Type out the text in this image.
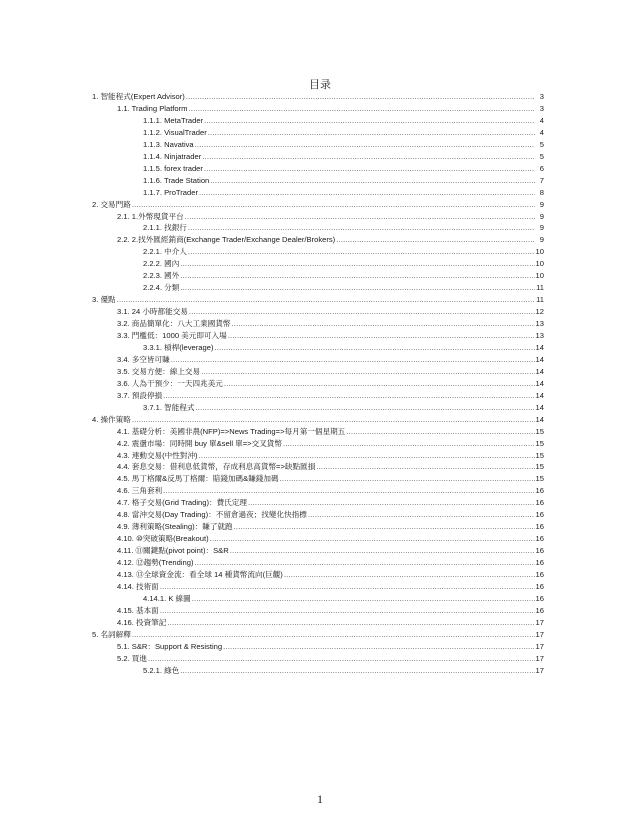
目录
1. 智能程式(Expert Advisor) .....	3
1.1. Trading Platform .....	3
1.1.1. MetaTrader .....	4
1.1.2. VisualTrader .....	4
1.1.3. Navativa .....	5
1.1.4. Ninjatrader .....	5
1.1.5. forex trader .....	6
1.1.6. Trade Station .....	7
1.1.7. ProTrader .....	8
2. 交易門路 .....	9
2.1. 1.外幣現貨平台 .....	9
2.1.1. 找銀行 .....	9
2.2. 2.找外匯經銷商(Exchange Trader/Exchange Dealer/Brokers) .....	9
2.2.1. 中介人 .....	10
2.2.2. 國內 .....	10
2.2.3. 國外 .....	10
2.2.4. 分類 .....	11
3. 優點 .....	11
3.1. 24 小時都能交易 .....	12
3.2. 商品簡單化：八大工業國貨幣 .....	13
3.3. 門檻低：1000 美元即可入場 .....	13
3.3.1. 槓桿(leverage) .....	14
3.4. 多空皆可賺 .....	14
3.5. 交易方便：線上交易 .....	14
3.6. 人為干預少：一天四兆美元 .....	14
3.7. 預設停損 .....	14
3.7.1. 智能程式 .....	14
4. 操作策略 .....	14
4.1. 基礎分析：美國非農(NFP)=>News Trading=>每月第一個星期五 .....	15
4.2. 震盪市場：同時開 buy 單&sell 單=>交叉貨幣 .....	15
4.3. 連動交易(中性對沖) .....	15
4.4. 套息交易：借利息低貨幣，存成利息高貨幣=>缺點匯損 .....	15
4.5. 馬丁格爾&反馬丁格爾：賠錢加碼&賺錢加碼 .....	15
4.6. 三角套利 .....	16
4.7. 格子交易(Grid Trading)：費氏定理 .....	16
4.8. 當沖交易(Day Trading)：不留倉過夜；找變化快指標 .....	16
4.9. 薄利策略(Stealing)：賺了就跑 .....	16
4.10. ⑩突破策略(Breakout) .....	16
4.11. ⑪關鍵點(pivot point)：S&R .....	16
4.12. ⑫趨勢(Trending) .....	16
4.13. ⑬全球資金流：看全球 14 種貨幣流向(巨觀) .....	16
4.14. 技術面 .....	16
4.14.1. K 線圖 .....	16
4.15. 基本面 .....	16
4.16. 投資筆記 .....	17
5. 名詞解釋 .....	17
5.1. S&R：Support & Resisting .....	17
5.2. 買進 .....	17
5.2.1. 綠色 .....	17
1
